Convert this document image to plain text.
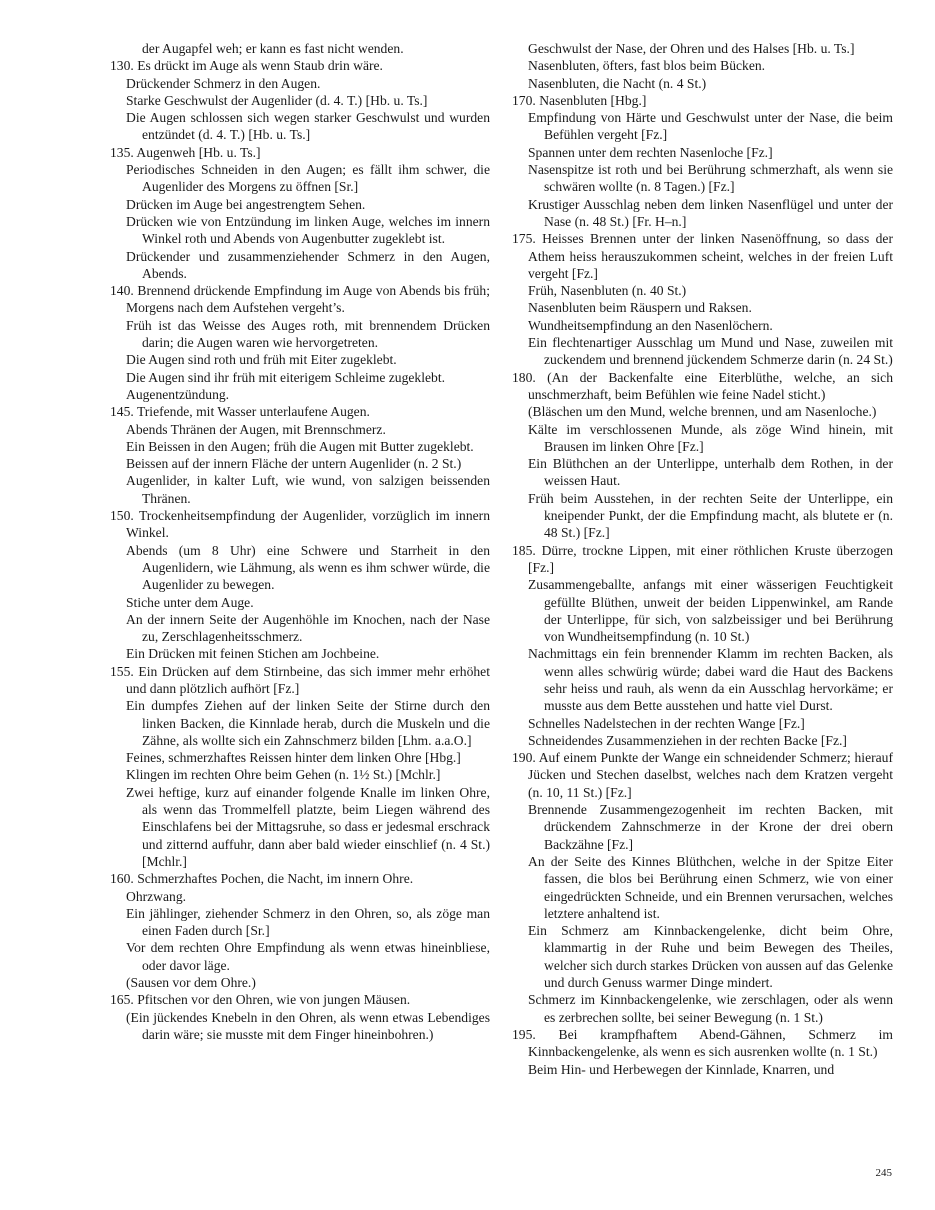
der Augapfel weh; er kann es fast nicht wenden.
130. Es drückt im Auge als wenn Staub drin wäre.
Drückender Schmerz in den Augen.
Starke Geschwulst der Augenlider (d. 4. T.) [Hb. u. Ts.]
Die Augen schlossen sich wegen starker Geschwulst und wurden entzündet (d. 4. T.) [Hb. u. Ts.]
135. Augenweh [Hb. u. Ts.]
Periodisches Schneiden in den Augen; es fällt ihm schwer, die Augenlider des Morgens zu öffnen [Sr.]
Drücken im Auge bei angestrengtem Sehen.
Drücken wie von Entzündung im linken Auge, welches im innern Winkel roth und Abends von Augenbutter zugeklebt ist.
Drückender und zusammenziehender Schmerz in den Augen, Abends.
140. Brennend drückende Empfindung im Auge von Abends bis früh; Morgens nach dem Aufstehen vergeht’s.
Früh ist das Weisse des Auges roth, mit brennendem Drücken darin; die Augen waren wie hervorgetreten.
Die Augen sind roth und früh mit Eiter zugeklebt.
Die Augen sind ihr früh mit eiterigem Schleime zugeklebt.
Augenentzündung.
145. Triefende, mit Wasser unterlaufene Augen.
Abends Thränen der Augen, mit Brennschmerz.
Ein Beissen in den Augen; früh die Augen mit Butter zugeklebt.
Beissen auf der innern Fläche der untern Augenlider (n. 2 St.)
Augenlider, in kalter Luft, wie wund, von salzigen beissenden Thränen.
150. Trockenheitsempfindung der Augenlider, vorzüglich im innern Winkel.
Abends (um 8 Uhr) eine Schwere und Starrheit in den Augenlidern, wie Lähmung, als wenn es ihm schwer würde, die Augenlider zu bewegen.
Stiche unter dem Auge.
An der innern Seite der Augenhöhle im Knochen, nach der Nase zu, Zerschlagenheitsschmerz.
Ein Drücken mit feinen Stichen am Jochbeine.
155. Ein Drücken auf dem Stirnbeine, das sich immer mehr erhöhet und dann plötzlich aufhört [Fz.]
Ein dumpfes Ziehen auf der linken Seite der Stirne durch den linken Backen, die Kinnlade herab, durch die Muskeln und die Zähne, als wollte sich ein Zahnschmerz bilden [Lhm. a.a.O.]
Feines, schmerzhaftes Reissen hinter dem linken Ohre [Hbg.]
Klingen im rechten Ohre beim Gehen (n. 1½ St.) [Mchlr.]
Zwei heftige, kurz auf einander folgende Knalle im linken Ohre, als wenn das Trommelfell platzte, beim Liegen während des Einschlafens bei der Mittagsruhe, so dass er jedesmal erschrack und zitternd auffuhr, dann aber bald wieder einschlief (n. 4 St.) [Mchlr.]
160. Schmerzhaftes Pochen, die Nacht, im innern Ohre.
Ohrzwang.
Ein jählinger, ziehender Schmerz in den Ohren, so, als zöge man einen Faden durch [Sr.]
Vor dem rechten Ohre Empfindung als wenn etwas hineinbliese, oder davor läge.
(Sausen vor dem Ohre.)
165. Pfitschen vor den Ohren, wie von jungen Mäusen.
(Ein jückendes Knebeln in den Ohren, als wenn etwas Lebendiges darin wäre; sie musste mit dem Finger hineinbohren.)
Geschwulst der Nase, der Ohren und des Halses [Hb. u. Ts.]
Nasenbluten, öfters, fast blos beim Bücken.
Nasenbluten, die Nacht (n. 4 St.)
170. Nasenbluten [Hbg.]
Empfindung von Härte und Geschwulst unter der Nase, die beim Befühlen vergeht [Fz.]
Spannen unter dem rechten Nasenloche [Fz.]
Nasenspitze ist roth und bei Berührung schmerzhaft, als wenn sie schwären wollte (n. 8 Tagen.) [Fz.]
Krustiger Ausschlag neben dem linken Nasenflügel und unter der Nase (n. 48 St.) [Fr. H–n.]
175. Heisses Brennen unter der linken Nasenöffnung, so dass der Athem heiss herauszukommen scheint, welches in der freien Luft vergeht [Fz.]
Früh, Nasenbluten (n. 40 St.)
Nasenbluten beim Räuspern und Raksen.
Wundheitsempfindung an den Nasenlöchern.
Ein flechtenartiger Ausschlag um Mund und Nase, zuweilen mit zuckendem und brennend jückendem Schmerze darin (n. 24 St.)
180. (An der Backenfalte eine Eiterblüthe, welche, an sich unschmerzhaft, beim Befühlen wie feine Nadel sticht.)
(Bläschen um den Mund, welche brennen, und am Nasenloche.)
Kälte im verschlossenen Munde, als zöge Wind hinein, mit Brausen im linken Ohre [Fz.]
Ein Blüthchen an der Unterlippe, unterhalb dem Rothen, in der weissen Haut.
Früh beim Ausstehen, in der rechten Seite der Unterlippe, ein kneipender Punkt, der die Empfindung macht, als blutete er (n. 48 St.) [Fz.]
185. Dürre, trockne Lippen, mit einer röthlichen Kruste überzogen [Fz.]
Zusammengeballte, anfangs mit einer wässerigen Feuchtigkeit gefüllte Blüthen, unweit der beiden Lippenwinkel, am Rande der Unterlippe, für sich, von salzbeissiger und bei Berührung von Wundheitsempfindung (n. 10 St.)
Nachmittags ein fein brennender Klamm im rechten Backen, als wenn alles schwürig würde; dabei ward die Haut des Backens sehr heiss und rauh, als wenn da ein Ausschlag hervorkäme; er musste aus dem Bette ausstehen und hatte viel Durst.
Schnelles Nadelstechen in der rechten Wange [Fz.]
Schneidendes Zusammenziehen in der rechten Backe [Fz.]
190. Auf einem Punkte der Wange ein schneidender Schmerz; hierauf Jücken und Stechen daselbst, welches nach dem Kratzen vergeht (n. 10, 11 St.) [Fz.]
Brennende Zusammengezogenheit im rechten Backen, mit drückendem Zahnschmerze in der Krone der drei obern Backzähne [Fz.]
An der Seite des Kinnes Blüthchen, welche in der Spitze Eiter fassen, die blos bei Berührung einen Schmerz, wie von einer eingedrückten Schneide, und ein Brennen verursachen, welches letztere anhaltend ist.
Ein Schmerz am Kinnbackengelenke, dicht beim Ohre, klammartig in der Ruhe und beim Bewegen des Theiles, welcher sich durch starkes Drücken von aussen auf das Gelenke und durch Genuss warmer Dinge mindert.
Schmerz im Kinnbackengelenke, wie zerschlagen, oder als wenn es zerbrechen sollte, bei seiner Bewegung (n. 1 St.)
195. Bei krampfhaftem Abend-Gähnen, Schmerz im Kinnbackengelenke, als wenn es sich ausrenken wollte (n. 1 St.)
Beim Hin- und Herbewegen der Kinnlade, Knarren, und
245
